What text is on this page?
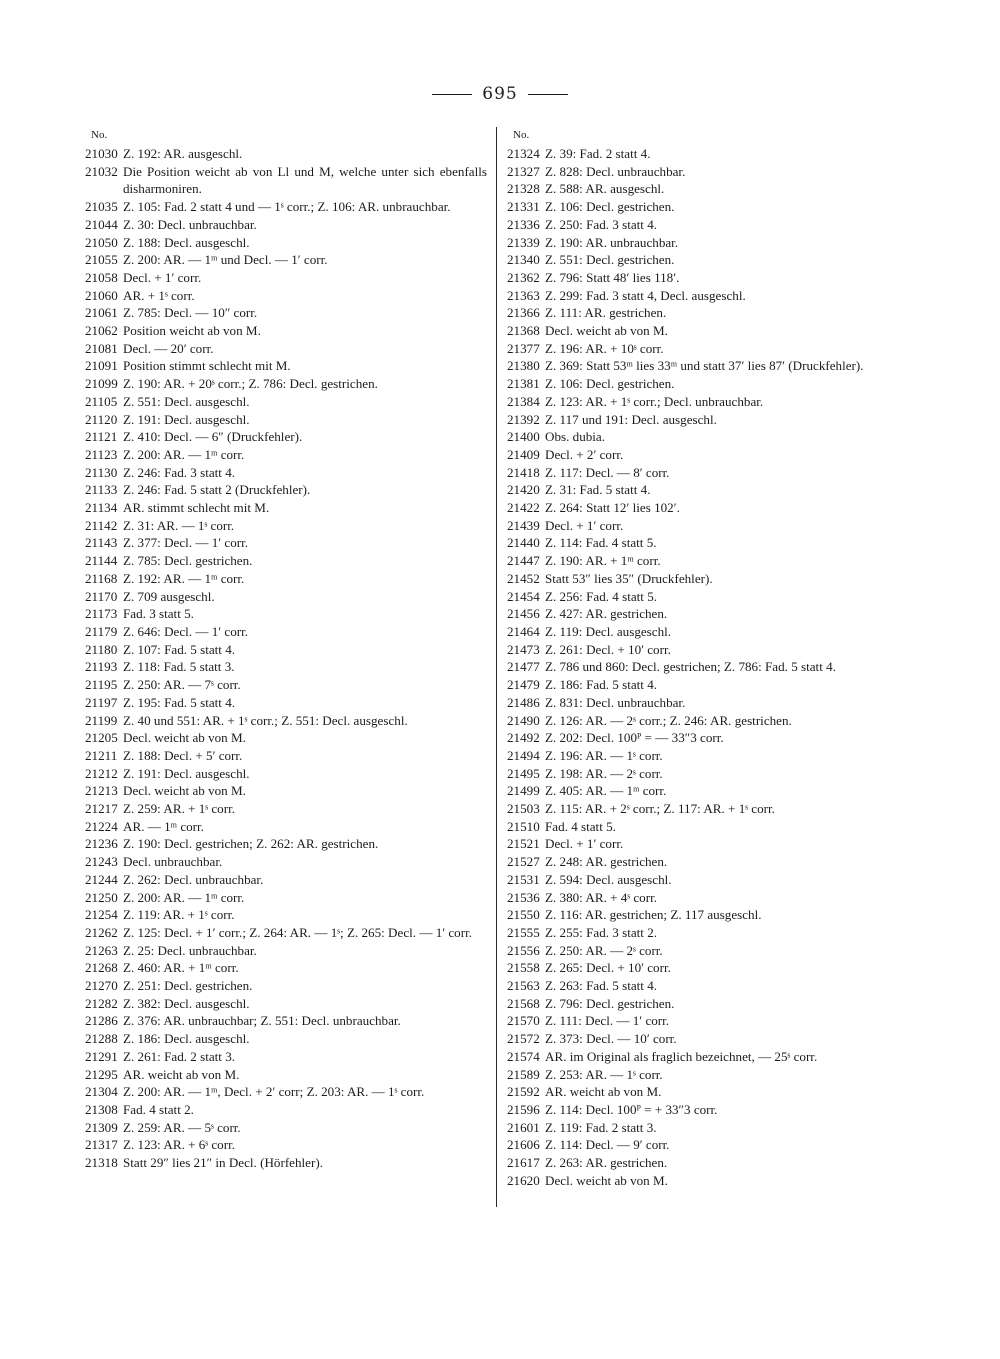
695
No.
21030 Z. 192: AR. ausgeschl.
21032 Die Position weicht ab von Ll und M, welche unter sich ebenfalls disharmoniren.
21035 Z. 105: Fad. 2 statt 4 und — 1ˢ corr.; Z. 106: AR. unbrauchbar.
21044 Z. 30: Decl. unbrauchbar.
21050 Z. 188: Decl. ausgeschl.
21055 Z. 200: AR. — 1ᵐ und Decl. — 1′ corr.
21058 Decl. + 1′ corr.
21060 AR. + 1ˢ corr.
21061 Z. 785: Decl. — 10″ corr.
21062 Position weicht ab von M.
21081 Decl. — 20′ corr.
21091 Position stimmt schlecht mit M.
21099 Z. 190: AR. + 20ˢ corr.; Z. 786: Decl. gestrichen.
21105 Z. 551: Decl. ausgeschl.
21120 Z. 191: Decl. ausgeschl.
21121 Z. 410: Decl. — 6″ (Druckfehler).
21123 Z. 200: AR. — 1ᵐ corr.
21130 Z. 246: Fad. 3 statt 4.
21133 Z. 246: Fad. 5 statt 2 (Druckfehler).
21134 AR. stimmt schlecht mit M.
21142 Z. 31: AR. — 1ˢ corr.
21143 Z. 377: Decl. — 1′ corr.
21144 Z. 785: Decl. gestrichen.
21168 Z. 192: AR. — 1ᵐ corr.
21170 Z. 709 ausgeschl.
21173 Fad. 3 statt 5.
21179 Z. 646: Decl. — 1′ corr.
21180 Z. 107: Fad. 5 statt 4.
21193 Z. 118: Fad. 5 statt 3.
21195 Z. 250: AR. — 7ˢ corr.
21197 Z. 195: Fad. 5 statt 4.
21199 Z. 40 und 551: AR. + 1ˢ corr.; Z. 551: Decl. ausgeschl.
21205 Decl. weicht ab von M.
21211 Z. 188: Decl. + 5′ corr.
21212 Z. 191: Decl. ausgeschl.
21213 Decl. weicht ab von M.
21217 Z. 259: AR. + 1ˢ corr.
21224 AR. — 1ᵐ corr.
21236 Z. 190: Decl. gestrichen; Z. 262: AR. gestrichen.
21243 Decl. unbrauchbar.
21244 Z. 262: Decl. unbrauchbar.
21250 Z. 200: AR. — 1ᵐ corr.
21254 Z. 119: AR. + 1ˢ corr.
21262 Z. 125: Decl. + 1′ corr.; Z. 264: AR. — 1ˢ; Z. 265: Decl. — 1′ corr.
21263 Z. 25: Decl. unbrauchbar.
21268 Z. 460: AR. + 1ᵐ corr.
21270 Z. 251: Decl. gestrichen.
21282 Z. 382: Decl. ausgeschl.
21286 Z. 376: AR. unbrauchbar; Z. 551: Decl. unbrauchbar.
21288 Z. 186: Decl. ausgeschl.
21291 Z. 261: Fad. 2 statt 3.
21295 AR. weicht ab von M.
21304 Z. 200: AR. — 1ᵐ, Decl. + 2′ corr; Z. 203: AR. — 1ˢ corr.
21308 Fad. 4 statt 2.
21309 Z. 259: AR. — 5ˢ corr.
21317 Z. 123: AR. + 6ˢ corr.
21318 Statt 29″ lies 21″ in Decl. (Hörfehler).
No.
21324 Z. 39: Fad. 2 statt 4.
21327 Z. 828: Decl. unbrauchbar.
21328 Z. 588: AR. ausgeschl.
21331 Z. 106: Decl. gestrichen.
21336 Z. 250: Fad. 3 statt 4.
21339 Z. 190: AR. unbrauchbar.
21340 Z. 551: Decl. gestrichen.
21362 Z. 796: Statt 48′ lies 118′.
21363 Z. 299: Fad. 3 statt 4, Decl. ausgeschl.
21366 Z. 111: AR. gestrichen.
21368 Decl. weicht ab von M.
21377 Z. 196: AR. + 10ˢ corr.
21380 Z. 369: Statt 53ᵐ lies 33ᵐ und statt 37′ lies 87′ (Druckfehler).
21381 Z. 106: Decl. gestrichen.
21384 Z. 123: AR. + 1ˢ corr.; Decl. unbrauchbar.
21392 Z. 117 und 191: Decl. ausgeschl.
21400 Obs. dubia.
21409 Decl. + 2′ corr.
21418 Z. 117: Decl. — 8′ corr.
21420 Z. 31: Fad. 5 statt 4.
21422 Z. 264: Statt 12′ lies 102′.
21439 Decl. + 1′ corr.
21440 Z. 114: Fad. 4 statt 5.
21447 Z. 190: AR. + 1ᵐ corr.
21452 Statt 53″ lies 35″ (Druckfehler).
21454 Z. 256: Fad. 4 statt 5.
21456 Z. 427: AR. gestrichen.
21464 Z. 119: Decl. ausgeschl.
21473 Z. 261: Decl. + 10′ corr.
21477 Z. 786 und 860: Decl. gestrichen; Z. 786: Fad. 5 statt 4.
21479 Z. 186: Fad. 5 statt 4.
21486 Z. 831: Decl. unbrauchbar.
21490 Z. 126: AR. — 2ˢ corr.; Z. 246: AR. gestrichen.
21492 Z. 202: Decl. 100ᴾ = — 33″3 corr.
21494 Z. 196: AR. — 1ˢ corr.
21495 Z. 198: AR. — 2ˢ corr.
21499 Z. 405: AR. — 1ᵐ corr.
21503 Z. 115: AR. + 2ˢ corr.; Z. 117: AR. + 1ˢ corr.
21510 Fad. 4 statt 5.
21521 Decl. + 1′ corr.
21527 Z. 248: AR. gestrichen.
21531 Z. 594: Decl. ausgeschl.
21536 Z. 380: AR. + 4ˢ corr.
21550 Z. 116: AR. gestrichen; Z. 117 ausgeschl.
21555 Z. 255: Fad. 3 statt 2.
21556 Z. 250: AR. — 2ˢ corr.
21558 Z. 265: Decl. + 10′ corr.
21563 Z. 263: Fad. 5 statt 4.
21568 Z. 796: Decl. gestrichen.
21570 Z. 111: Decl. — 1′ corr.
21572 Z. 373: Decl. — 10′ corr.
21574 AR. im Original als fraglich bezeichnet, — 25ˢ corr.
21589 Z. 253: AR. — 1ˢ corr.
21592 AR. weicht ab von M.
21596 Z. 114: Decl. 100ᴾ = + 33″3 corr.
21601 Z. 119: Fad. 2 statt 3.
21606 Z. 114: Decl. — 9′ corr.
21617 Z. 263: AR. gestrichen.
21620 Decl. weicht ab von M.
